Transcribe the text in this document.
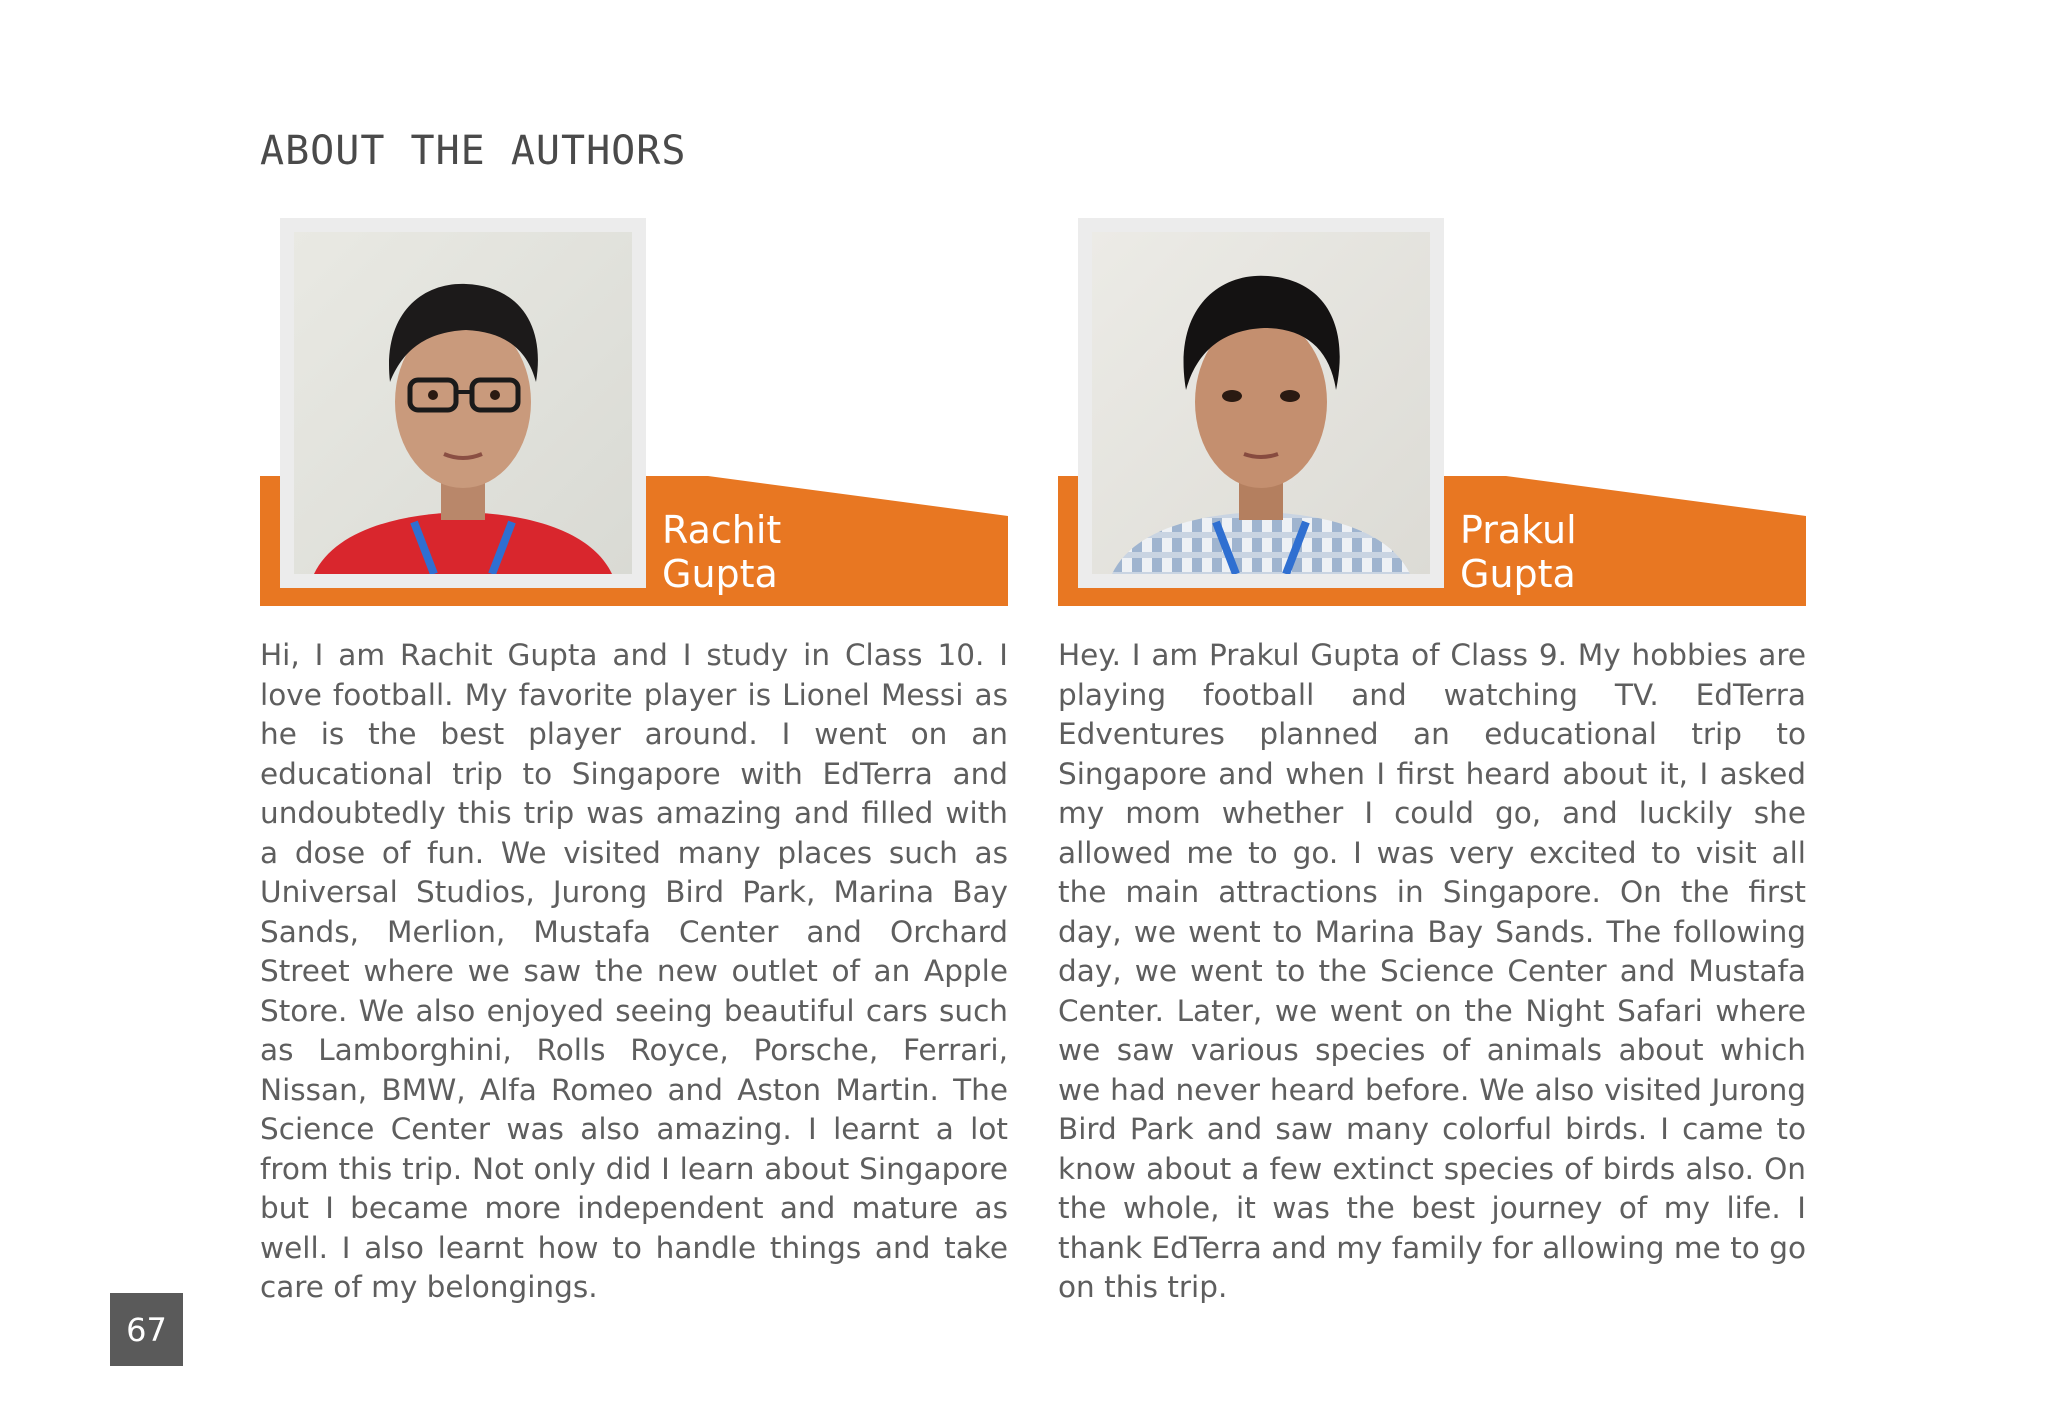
ABOUT THE AUTHORS
Rachit
Gupta

Hi, I am Rachit Gupta and I study in Class 10. I love football. My favorite player is Lionel Messi as he is the best player around. I went on an educational trip to Singapore with EdTerra and undoubtedly this trip was amazing and filled with a dose of fun. We visited many places such as Universal Studios, Jurong Bird Park, Marina Bay Sands, Merlion, Mustafa Center and Orchard Street where we saw the new outlet of an Apple Store. We also enjoyed seeing beautiful cars such as Lamborghini, Rolls Royce, Porsche, Ferrari, Nissan, BMW, Alfa Romeo and Aston Martin. The Science Center was also amazing. I learnt a lot from this trip. Not only did I learn about Singapore but I became more independent and mature as well. I also learnt how to handle things and take care of my belongings.

Prakul
Gupta

Hey. I am Prakul Gupta of Class 9. My hobbies are playing football and watching TV. EdTerra Edventures planned an educational trip to Singapore and when I first heard about it, I asked my mom whether I could go, and luckily she allowed me to go. I was very excited to visit all the main attractions in Singapore. On the first day, we went to Marina Bay Sands. The following day, we went to the Science Center and Mustafa Center. Later, we went on the Night Safari where we saw various species of animals about which we had never heard before. We also visited Jurong Bird Park and saw many colorful birds. I came to know about a few extinct species of birds also. On the whole, it was the best journey of my life. I thank EdTerra and my family for allowing me to go on this trip.

67
